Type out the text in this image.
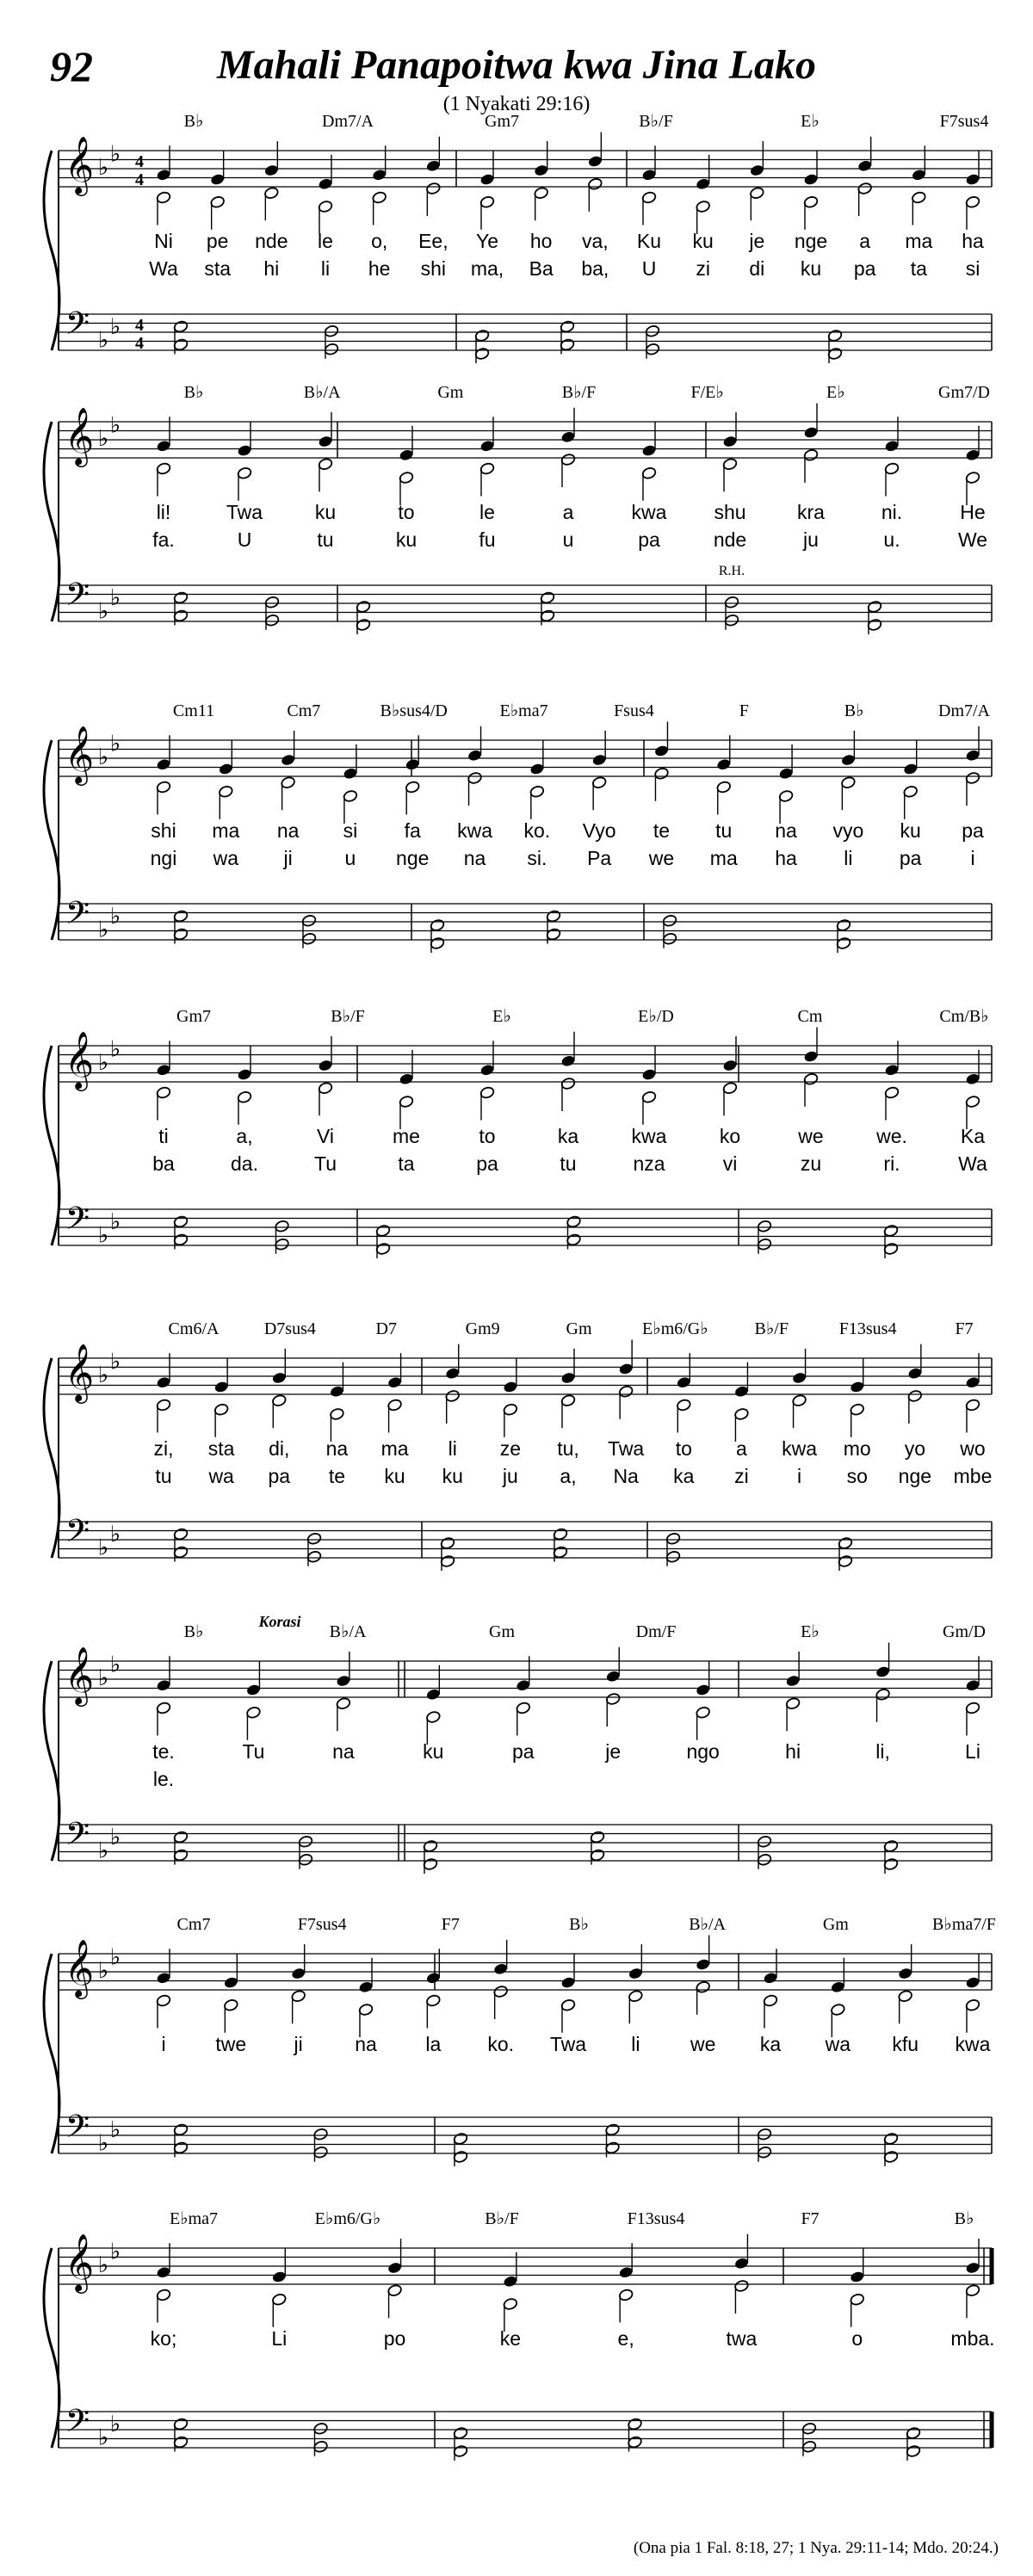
92	Mahali Panapoitwa kwa Jina Lako
(1 Nyakati 29:16)
𝄞
𝄢
♭
♭
♭
♭
4
4
4
4
B♭	Dm7/A	Gm7	B♭/F	E♭	F7sus4
Ni pe nde le o, Ee, Ye ho va, Ku ku je nge a ma ha
Wa sta hi li he shi ma, Ba ba, U zi di ku pa ta si
𝄞
𝄢
♭
♭
♭
♭
B♭	B♭/A	Gm	B♭/F	F/E♭	E♭	Gm7/D
li!	Twa	ku	to	le	a	kwa shu	kra	ni.	He
fa.	U	tu	ku	fu	u	pa	nde	ju	u.	We
R.H.
𝄞
𝄢
♭
♭
♭
♭
Cm11	Cm7	B♭sus4/D	E♭ma7	Fsus4	F	B♭	Dm7/A
shi ma na si fa kwa ko. Vyo te tu na vyo ku pa
ngi wa ji	u nge na si. Pa we ma ha li pa i
𝄞
𝄢
♭
♭
♭
♭
Gm7	B♭/F	E♭	E♭/D	Cm	Cm/B♭
ti	a,	Vi	me	to	ka	kwa	ko	we	we.	Ka
ba	da.	Tu	ta	pa	tu	nza	vi	zu	ri.	Wa
𝄞
𝄢
♭
♭
♭
♭
Cm6/A	D7sus4	D7	Gm9	Gm	E♭m6/G♭	B♭/F	F13sus4	F7
zi, sta di, na ma li ze tu, Twa to a kwa mo yo wo
tu wa pa te ku ku ju a, Na ka zi i so nge mbe
𝄞
𝄢
♭
♭
♭
♭
B♭	B♭/A	Gm	Dm/F	E♭	Gm/D
te.	Tu	na	ku	pa	je	ngo	hi	li,	Li
le.
Korasi
𝄞
𝄢
♭
♭
♭
♭
Cm7	F7sus4	F7	B♭	B♭/A	Gm	B♭ma7/F
i	twe ji	na la ko. Twa li	we ka wa kfu kwa
𝄞
𝄢
♭
♭
♭
♭
E♭ma7	E♭m6/G♭	B♭/F	F13sus4	F7	B♭
ko;	Li	po	ke	e,	twa	o	mba.
(Ona pia 1 Fal. 8:18, 27; 1 Nya. 29:11-14; Mdo. 20:24.)
